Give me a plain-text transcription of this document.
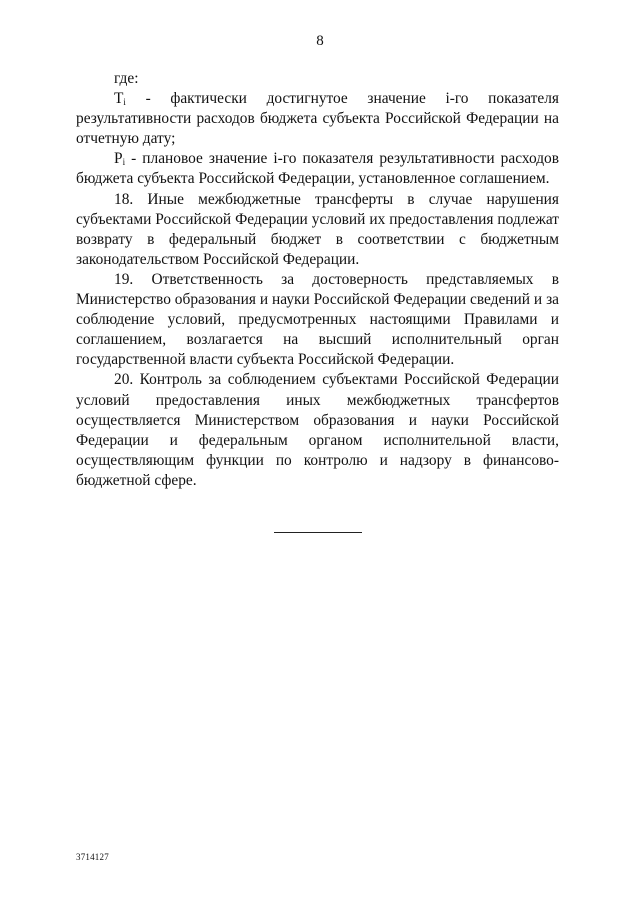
8

где:

$T_i$ - фактически достигнутое значение i-го показателя результативности расходов бюджета субъекта Российской Федерации на отчетную дату;

$P_i$ - плановое значение i-го показателя результативности расходов бюджета субъекта Российской Федерации, установленное соглашением.

18. Иные межбюджетные трансферты в случае нарушения субъектами Российской Федерации условий их предоставления подлежат возврату в федеральный бюджет в соответствии с бюджетным законодательством Российской Федерации.

19. Ответственность за достоверность представляемых в Министерство образования и науки Российской Федерации сведений и за соблюдение условий, предусмотренных настоящими Правилами и соглашением, возлагается на высший исполнительный орган государственной власти субъекта Российской Федерации.

20. Контроль за соблюдением субъектами Российской Федерации условий предоставления иных межбюджетных трансфертов осуществляется Министерством образования и науки Российской Федерации и федеральным органом исполнительной власти, осуществляющим функции по контролю и надзору в финансово-бюджетной сфере.

3714127
